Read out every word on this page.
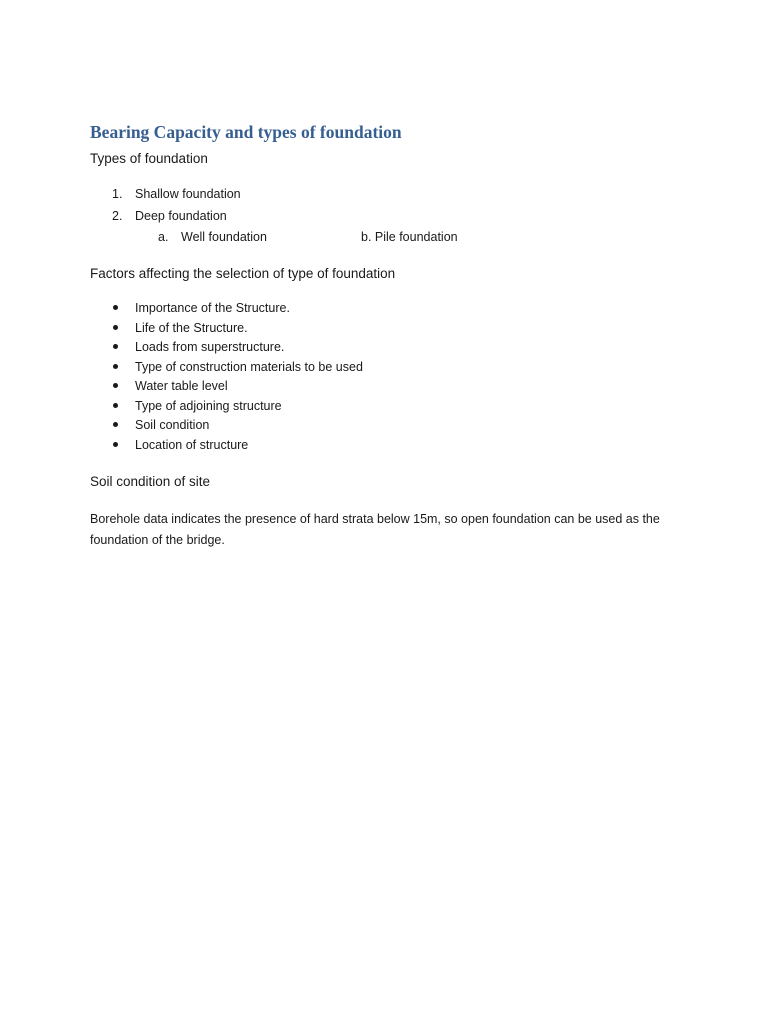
Bearing Capacity and types of foundation
Types of foundation
1. Shallow foundation
2. Deep foundation
a. Well foundation	b. Pile foundation
Factors affecting the selection of type of foundation
Importance of the Structure.
Life of the Structure.
Loads from superstructure.
Type of construction materials to be used
Water table level
Type of adjoining structure
Soil condition
Location of structure
Soil condition of site

Borehole data indicates the presence of hard strata below 15m, so open foundation can be used as the foundation of the bridge.
